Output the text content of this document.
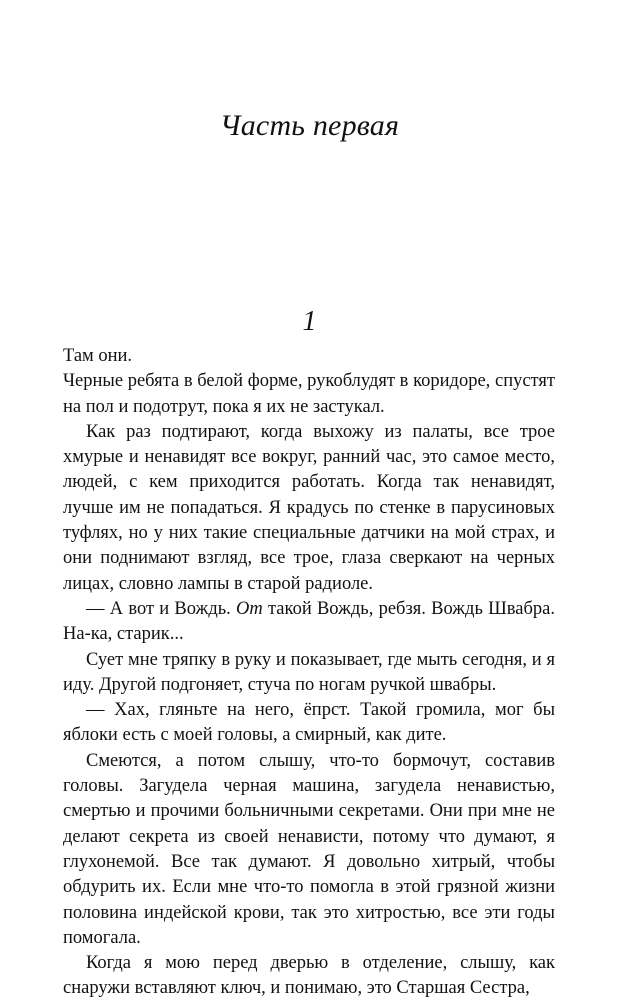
Часть первая
1

Там они.

Черные ребята в белой форме, рукоблудят в коридоре, спустят на пол и подотрут, пока я их не застукал.

Как раз подтирают, когда выхожу из палаты, все трое хмурые и ненавидят все вокруг, ранний час, это самое место, людей, с кем приходится работать. Когда так ненавидят, лучше им не попадаться. Я крадусь по стенке в парусиновых туфлях, но у них такие специальные датчики на мой страх, и они поднимают взгляд, все трое, глаза сверкают на черных лицах, словно лампы в старой радиоле.

— А вот и Вождь. От такой Вождь, ребзя. Вождь Швабра. На-ка, старик...

Сует мне тряпку в руку и показывает, где мыть сегодня, и я иду. Другой подгоняет, стуча по ногам ручкой швабры.

— Хах, гляньте на него, ёпрст. Такой громила, мог бы яблоки есть с моей головы, а смирный, как дите.

Смеются, а потом слышу, что-то бормочут, составив головы. Загудела черная машина, загудела ненавистью, смертью и прочими больничными секретами. Они при мне не делают секрета из своей ненависти, потому что думают, я глухонемой. Все так думают. Я довольно хитрый, чтобы обдурить их. Если мне что-то помогла в этой грязной жизни половина индейской крови, так это хитростью, все эти годы помогала.

Когда я мою перед дверью в отделение, слышу, как снаружи вставляют ключ, и понимаю, это Старшая Сестра,
